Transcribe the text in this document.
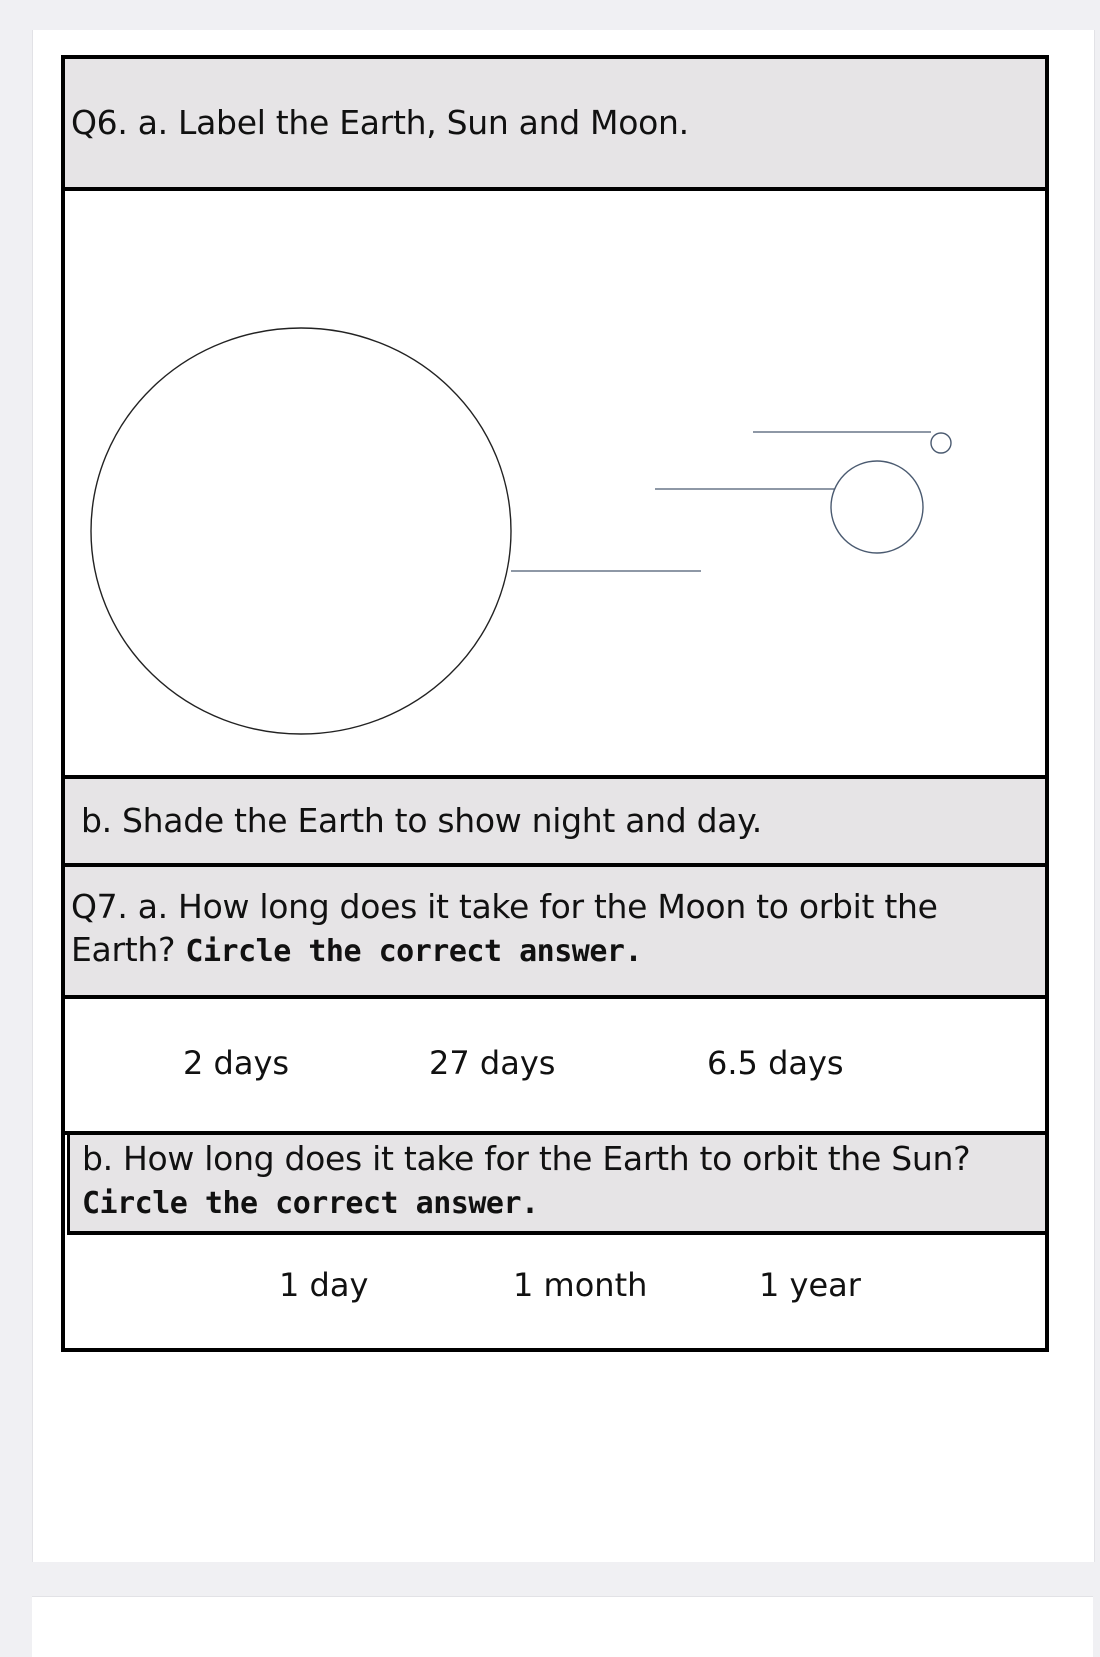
Q6. a. Label the Earth, Sun and Moon.
b. Shade the Earth to show night and day.
Q7. a. How long does it take for the Moon to orbit the Earth? Circle the correct answer.
2 days	27 days	6.5 days
b. How long does it take for the Earth to orbit the Sun? Circle the correct answer.
1 day	1 month	1 year
